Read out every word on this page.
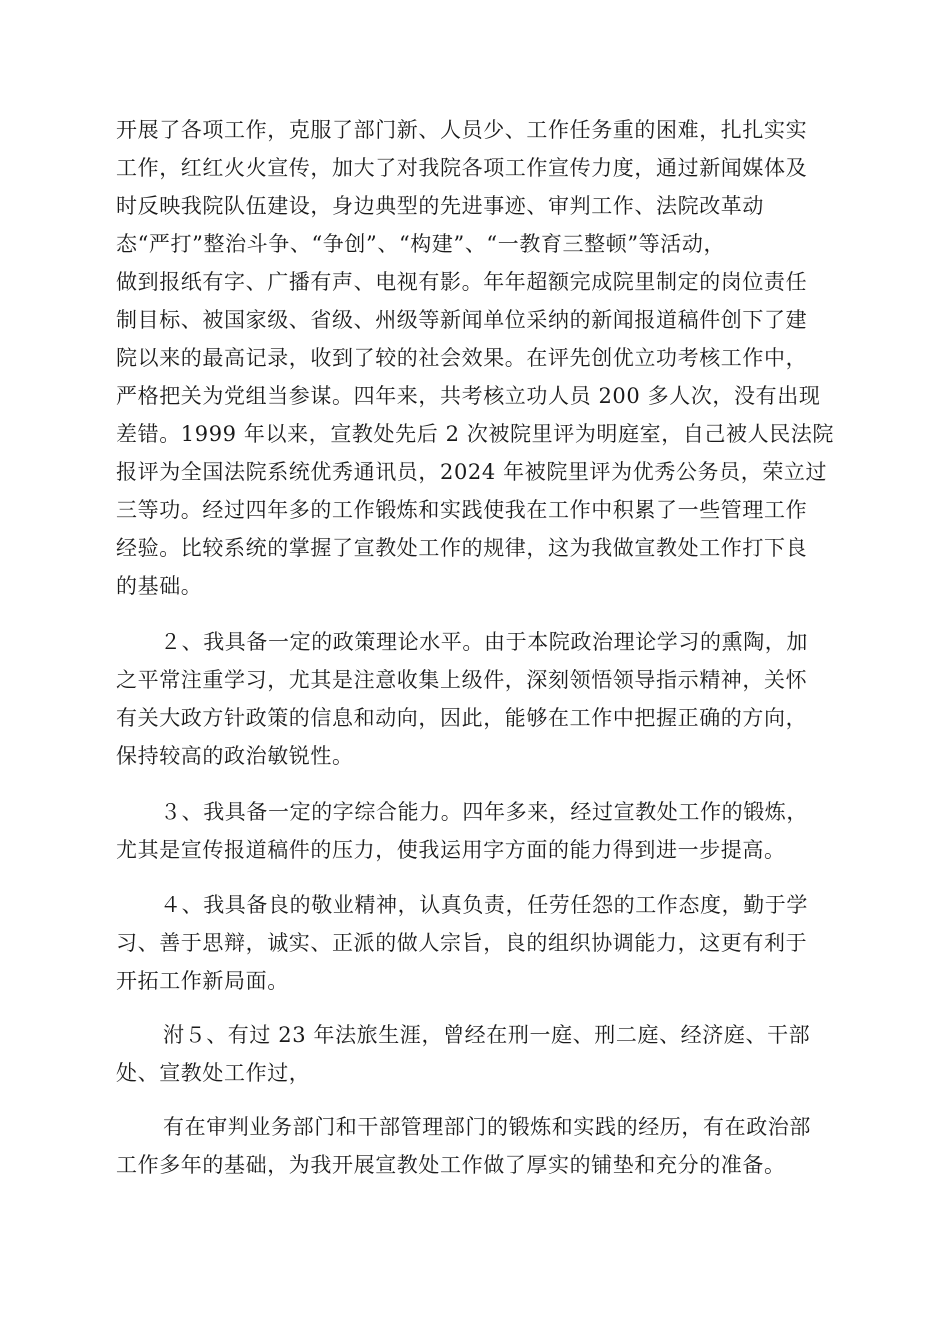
开展了各项工作，克服了部门新、人员少、工作任务重的困难，扎扎实实

工作，红红火火宣传，加大了对我院各项工作宣传力度，通过新闻媒体及

时反映我院队伍建设，身边典型的先进事迹、审判工作、法院改革动

态“严打”整治斗争、“争创”、“构建”、“一教育三整顿”等活动，

做到报纸有字、广播有声、电视有影。年年超额完成院里制定的岗位责任

制目标、被国家级、省级、州级等新闻单位采纳的新闻报道稿件创下了建

院以来的最高记录，收到了较的社会效果。在评先创优立功考核工作中，

严格把关为党组当参谋。四年来，共考核立功人员 200 多人次，没有出现

差错。1999 年以来，宣教处先后 2 次被院里评为明庭室，自己被人民法院

报评为全国法院系统优秀通讯员，2024 年被院里评为优秀公务员，荣立过

三等功。经过四年多的工作锻炼和实践使我在工作中积累了一些管理工作

经验。比较系统的掌握了宣教处工作的规律，这为我做宣教处工作打下良

的基础。

２、我具备一定的政策理论水平。由于本院政治理论学习的熏陶，加

之平常注重学习，尤其是注意收集上级件，深刻领悟领导指示精神，关怀

有关大政方针政策的信息和动向，因此，能够在工作中把握正确的方向，

保持较高的政治敏锐性。

３、我具备一定的字综合能力。四年多来，经过宣教处工作的锻炼，

尤其是宣传报道稿件的压力，使我运用字方面的能力得到进一步提高。

４、我具备良的敬业精神，认真负责，任劳任怨的工作态度，勤于学

习、善于思辩，诚实、正派的做人宗旨，良的组织协调能力，这更有利于

开拓工作新局面。

泭５、有过 23 年法旅生涯，曾经在刑一庭、刑二庭、经济庭、干部

处、宣教处工作过，

有在审判业务部门和干部管理部门的锻炼和实践的经历，有在政治部

工作多年的基础，为我开展宣教处工作做了厚实的铺垫和充分的准备。
